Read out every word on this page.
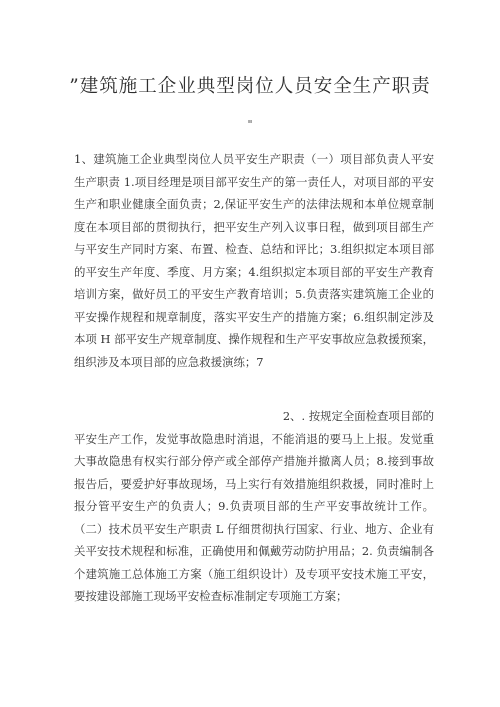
”建筑施工企业典型岗位人员安全生产职责
"

1、建筑施工企业典型岗位人员平安生产职责（一）项目部负责人平安生产职责 1.项目经理是项目部平安生产的第一责任人，对项目部的平安生产和职业健康全面负责；2,保证平安生产的法律法规和本单位规章制度在本项目部的贯彻执行，把平安生产列入议事日程，做到项目部生产与平安生产同时方案、布置、检查、总结和评比；3.组织拟定本项目部的平安生产年度、季度、月方案；4.组织拟定本项目部的平安生产教育培训方案，做好员工的平安生产教育培训；5.负责落实建筑施工企业的平安操作规程和规章制度，落实平安生产的措施方案；6.组织制定涉及本项 H 部平安生产规章制度、操作规程和生产平安事故应急救援预案，组织涉及本项目部的应急救援演练；7

2、. 按规定全面检查项目部的

平安生产工作，发觉事故隐患时消退，不能消退的要马上上报。发觉重大事故隐患有权实行部分停产或全部停产措施并撤离人员；8.接到事故报告后，要爱护好事故现场，马上实行有效措施组织救援，同时准时上报分管平安生产的负责人；9.负责项目部的生产平安事故统计工作。（二）技术员平安生产职责 L 仔细贯彻执行国家、行业、地方、企业有关平安技术规程和标准，正确使用和佩戴劳动防护用品；2. 负责编制各个建筑施工总体施工方案（施工组织设计）及专项平安技术施工平安，要按建设部施工现场平安检查标准制定专项施工方案；
